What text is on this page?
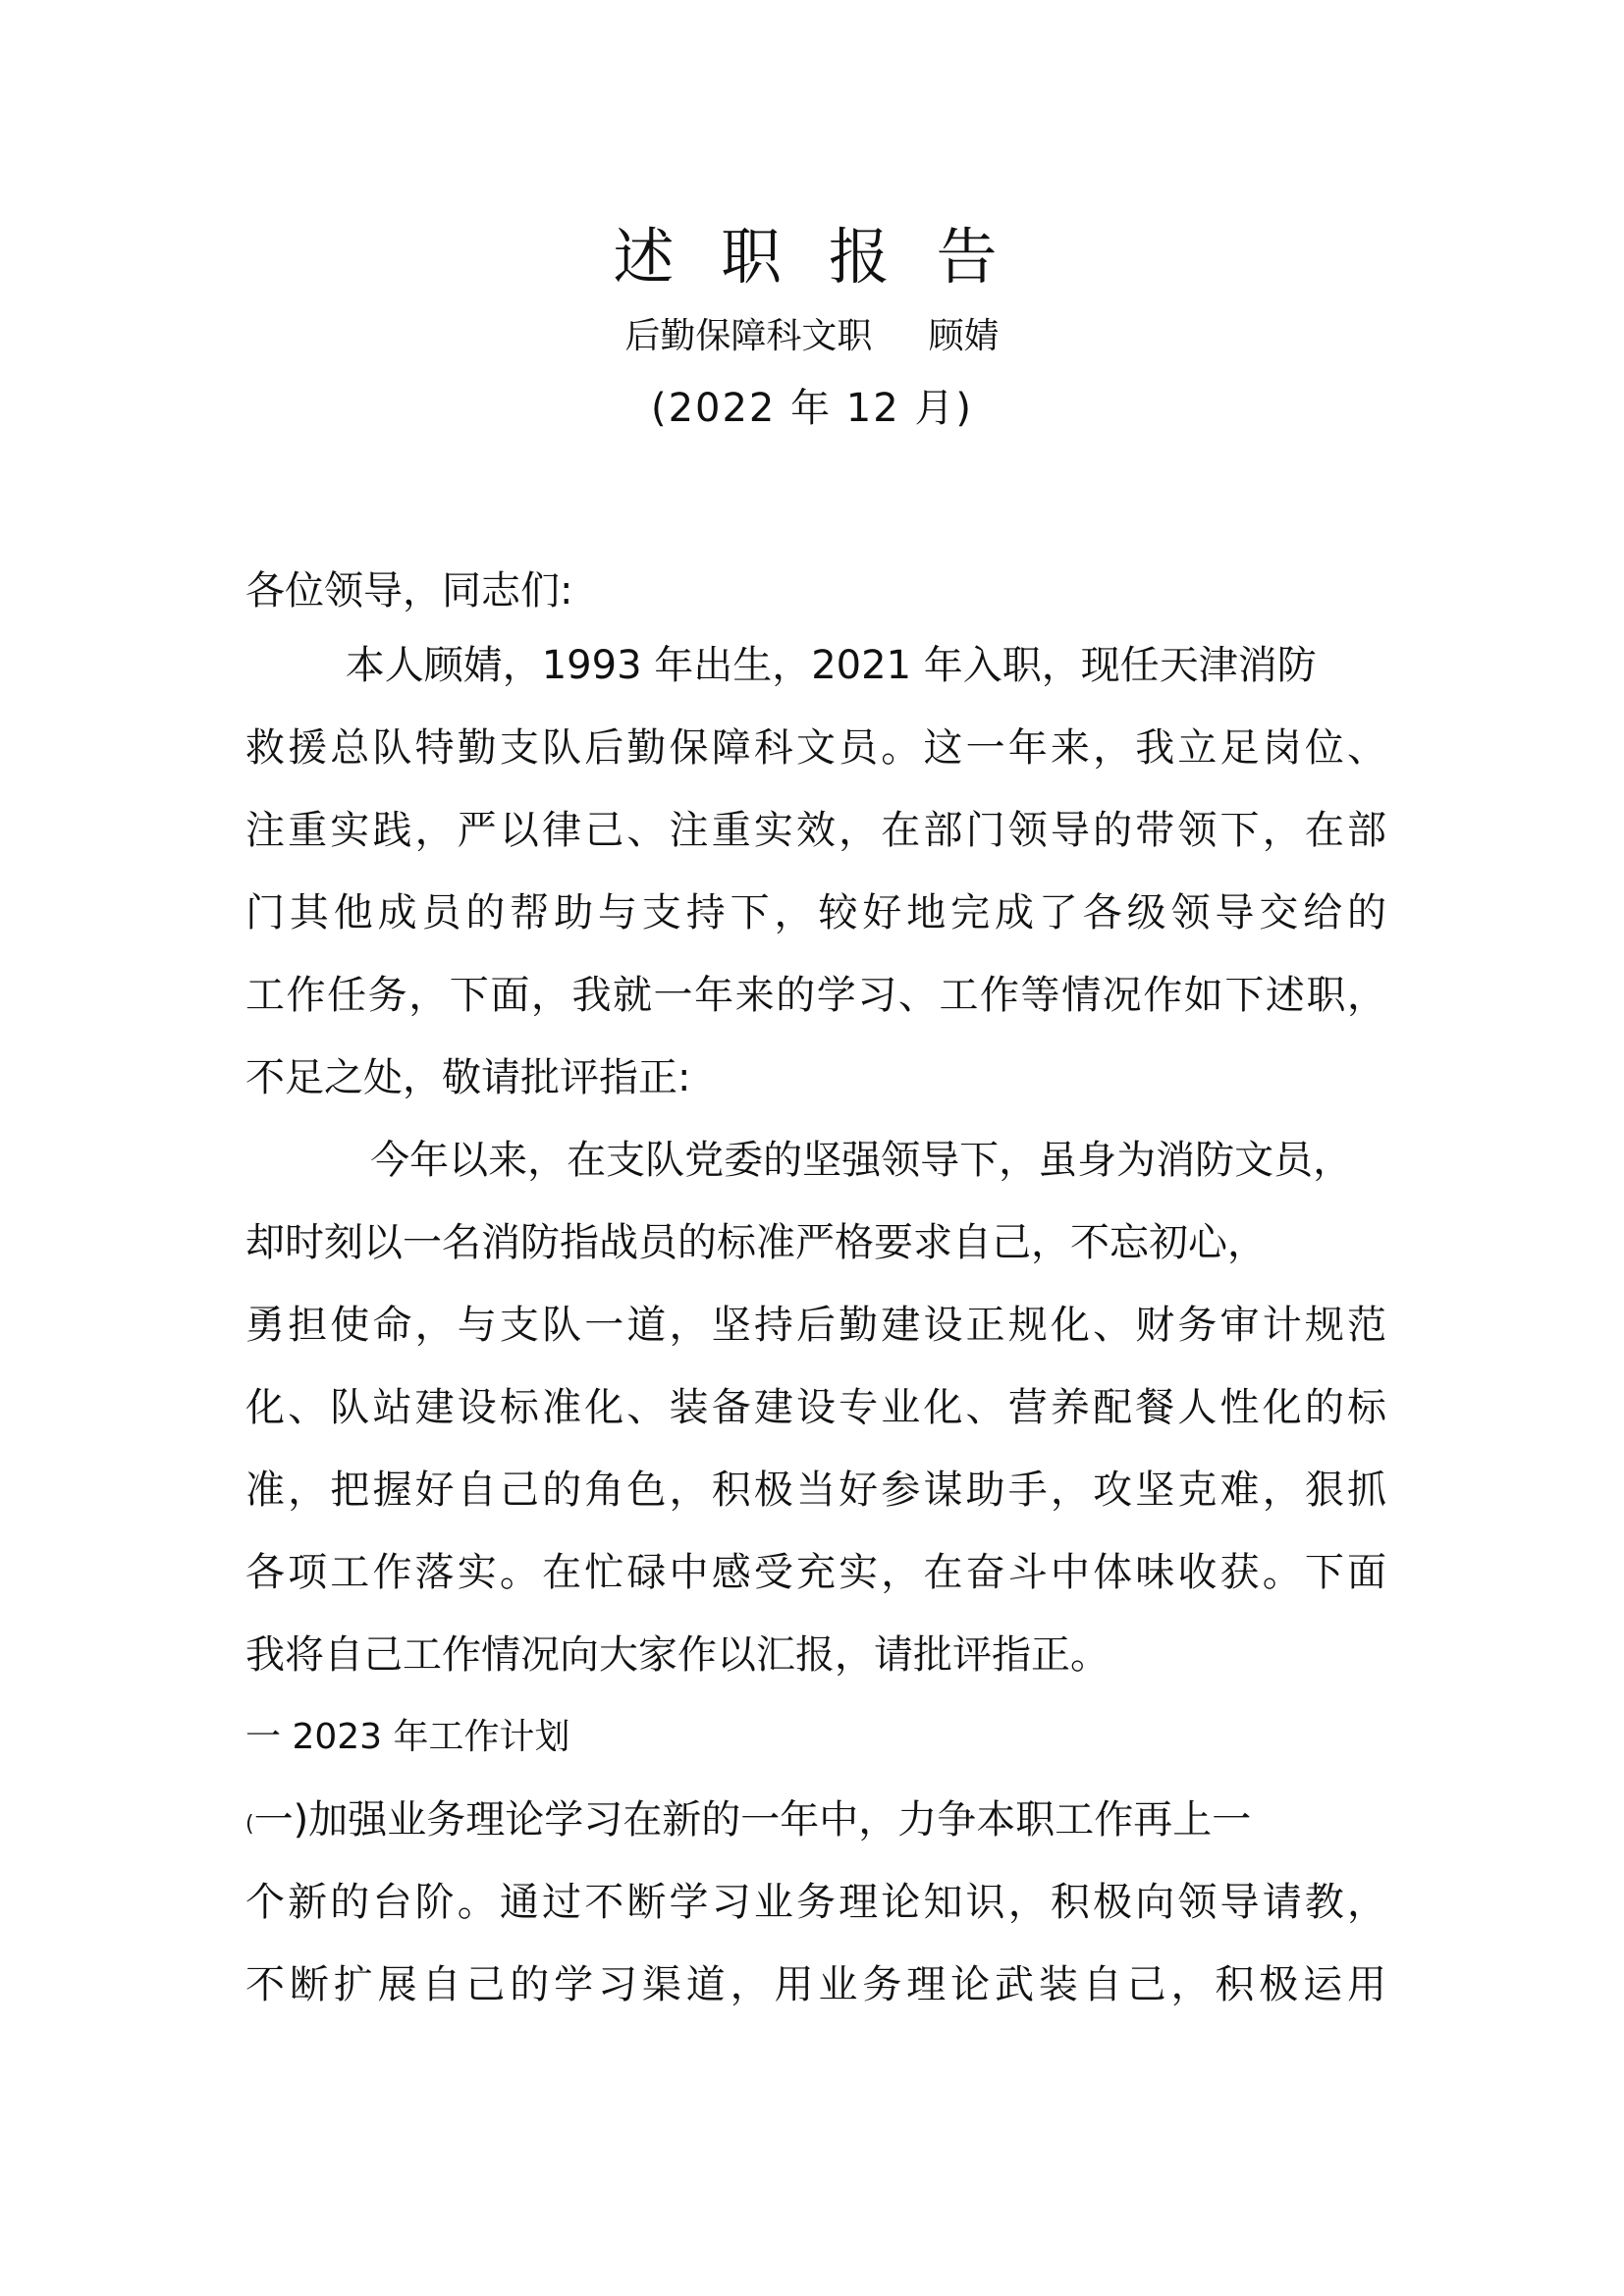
述 职 报 告
后勤保障科文职     顾婧
(2022 年 12 月)
各位领导，同志们:
本人顾婧，1993 年出生，2021 年入职，现任天津消防
救援总队特勤支队后勤保障科文员。这一年来，我立足岗位、
注重实践，严以律己、注重实效，在部门领导的带领下，在部
门其他成员的帮助与支持下，较好地完成了各级领导交给的
工作任务，下面，我就一年来的学习、工作等情况作如下述职，
不足之处，敬请批评指正:
今年以来，在支队党委的坚强领导下，虽身为消防文员，
却时刻以一名消防指战员的标准严格要求自己，不忘初心，
勇担使命，与支队一道，坚持后勤建设正规化、财务审计规范
化、队站建设标准化、装备建设专业化、营养配餐人性化的标
准，把握好自己的角色，积极当好参谋助手，攻坚克难，狠抓
各项工作落实。在忙碌中感受充实，在奋斗中体味收获。下面
我将自己工作情况向大家作以汇报，请批评指正。
一 2023 年工作计划
(一)加强业务理论学习在新的一年中，力争本职工作再上一
个新的台阶。通过不断学习业务理论知识，积极向领导请教，
不断扩展自己的学习渠道，用业务理论武装自己，积极运用
